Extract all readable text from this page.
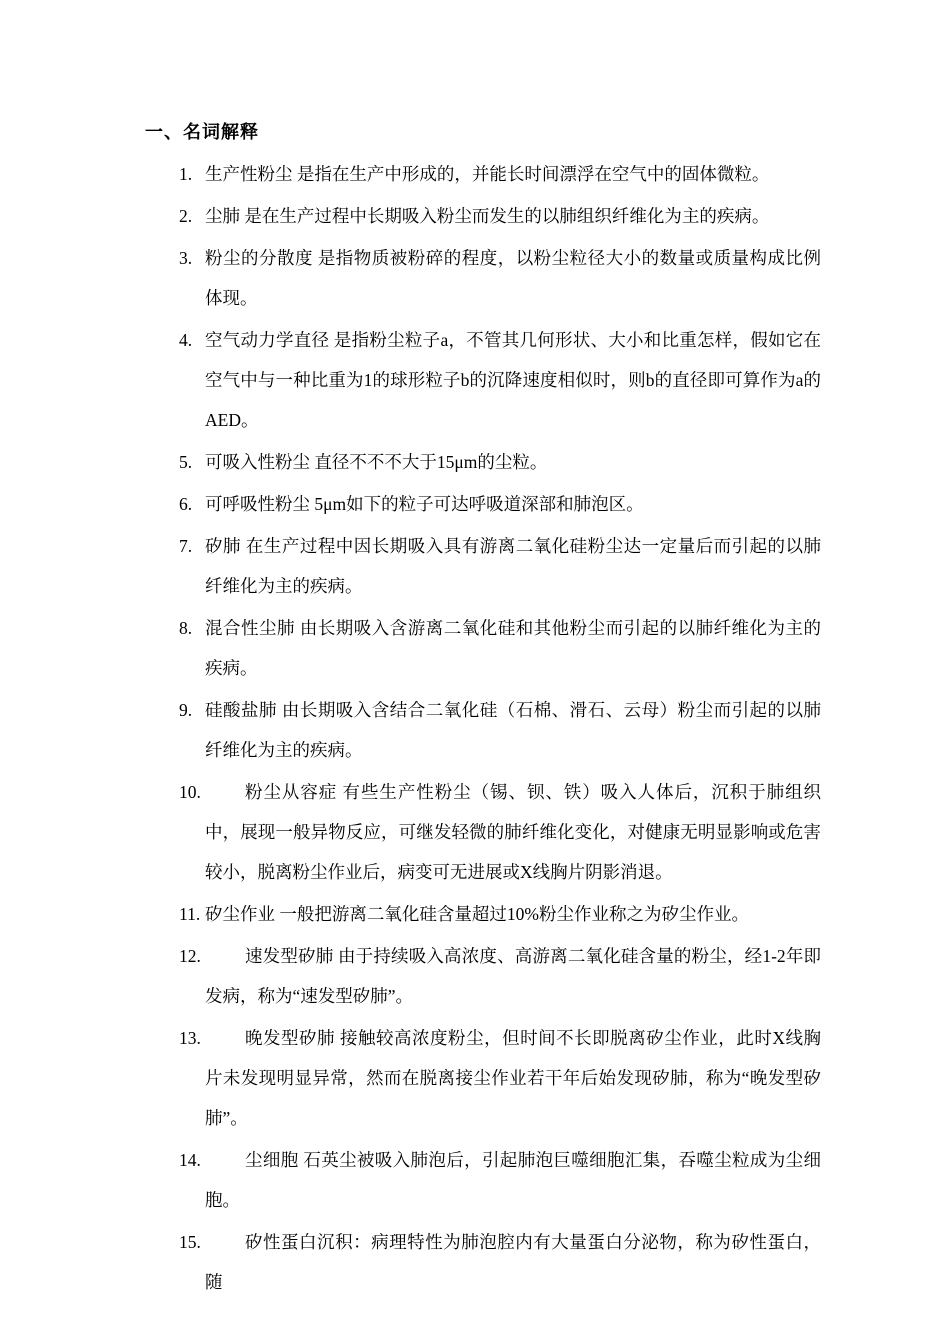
一、名词解释
1. 生产性粉尘 是指在生产中形成的，并能长时间漂浮在空气中的固体微粒。
2. 尘肺 是在生产过程中长期吸入粉尘而发生的以肺组织纤维化为主的疾病。
3. 粉尘的分散度 是指物质被粉碎的程度，以粉尘粒径大小的数量或质量构成比例体现。
4. 空气动力学直径 是指粉尘粒子a，不管其几何形状、大小和比重怎样，假如它在空气中与一种比重为1的球形粒子b的沉降速度相似时，则b的直径即可算作为a的AED。
5. 可吸入性粉尘 直径不不不大于15μm的尘粒。
6. 可呼吸性粉尘 5μm如下的粒子可达呼吸道深部和肺泡区。
7. 矽肺 在生产过程中因长期吸入具有游离二氧化硅粉尘达一定量后而引起的以肺纤维化为主的疾病。
8. 混合性尘肺 由长期吸入含游离二氧化硅和其他粉尘而引起的以肺纤维化为主的疾病。
9. 硅酸盐肺 由长期吸入含结合二氧化硅（石棉、滑石、云母）粉尘而引起的以肺纤维化为主的疾病。
10.	粉尘从容症 有些生产性粉尘（锡、钡、铁）吸入人体后，沉积于肺组织中，展现一般异物反应，可继发轻微的肺纤维化变化，对健康无明显影响或危害较小，脱离粉尘作业后，病变可无进展或X线胸片阴影消退。
11. 矽尘作业 一般把游离二氧化硅含量超过10%粉尘作业称之为矽尘作业。
12.	速发型矽肺 由于持续吸入高浓度、高游离二氧化硅含量的粉尘，经1-2年即发病，称为“速发型矽肺”。
13.	晚发型矽肺 接触较高浓度粉尘，但时间不长即脱离矽尘作业，此时X线胸片未发现明显异常，然而在脱离接尘作业若干年后始发现矽肺，称为“晚发型矽肺”。
14.	尘细胞 石英尘被吸入肺泡后，引起肺泡巨噬细胞汇集，吞噬尘粒成为尘细胞。
15.	矽性蛋白沉积：病理特性为肺泡腔内有大量蛋白分泌物，称为矽性蛋白，随
